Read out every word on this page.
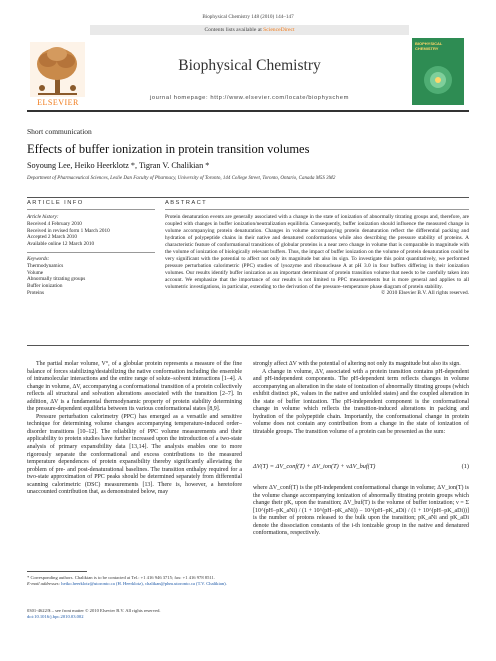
Biophysical Chemistry 148 (2010) 144–147
Contents lists available at ScienceDirect
ELSEVIER
Biophysical Chemistry
journal homepage: http://www.elsevier.com/locate/biophyschem
BIOPHYSICAL CHEMISTRY
Short communication
Effects of buffer ionization in protein transition volumes
Soyoung Lee, Heiko Heerklotz *, Tigran V. Chalikian *
Department of Pharmaceutical Sciences, Leslie Dan Faculty of Pharmacy, University of Toronto, 144 College Street, Toronto, Ontario, Canada M5S 3M2
ARTICLE INFO	ABSTRACT
Article history:
Received 4 February 2010
Received in revised form 1 March 2010
Accepted 2 March 2010
Available online 12 March 2010
Keywords:
Thermodynamics
Volume
Abnormally titrating groups
Buffer ionization
Proteins
Protein denaturation events are generally associated with a change in the state of ionization of abnormally titrating groups and, therefore, are coupled with changes in buffer ionization/neutralization equilibria. Consequently, buffer ionization should influence the measured change in volume accompanying protein denaturation. Changes in volume accompanying protein denaturation reflect the differential packing and hydration of polypeptide chains in their native and denatured conformations while also describing the pressure stability of proteins. A characteristic feature of conformational transitions of globular proteins is a near zero change in volume that is comparable in magnitude with the volume of ionization of biologically relevant buffers. Thus, the impact of buffer ionization on the volume of protein denaturation could be very significant with the potential to affect not only its magnitude but also its sign. To investigate this point quantitatively, we performed pressure perturbation calorimetric (PPC) studies of lysozyme and ribonuclease A at pH 3.0 in four buffers differing in their ionization volumes. Our results identify buffer ionization as an important determinant of protein transition volume that needs to be carefully taken into account. We emphasize that the importance of our results is not limited to PPC measurements but is more general and applies to all volumetric investigations, in particular, extending to the derivation of the pressure–temperature phase diagram of protein stability.
© 2010 Elsevier B.V. All rights reserved.

The partial molar volume, V°, of a globular protein represents a measure of the fine balance of forces stabilizing/destabilizing the native conformation including the ensemble of intramolecular interactions and the entire range of solute–solvent interactions [1–4]. A change in volume, ΔV, accompanying a conformational transition of a protein collectively reflects all structural and solvation alterations associated with the transition [2–7]. In addition, ΔV is a fundamental thermodynamic property of protein stability determining the pressure-dependent equilibria between its various conformational states [8,9].

Pressure perturbation calorimetry (PPC) has emerged as a versatile and sensitive technique for determining volume changes accompanying temperature-induced order–disorder transitions [10–12]. The reliability of PPC volume measurements and their applicability to protein studies have further increased upon the introduction of a two-state analysis of primary expansibility data [13,14]. The analysis enables one to more rigorously separate the conformational and excess contributions to the measured temperature dependences of protein expansibility thereby significantly alleviating the problem of pre- and post-denaturational baselines. The transition enthalpy required for a two-state approximation of PPC peaks should be determined separately from differential scanning calorimetric (DSC) measurements [13]. There is, however, a heretofore unaccounted contribution that, as demonstrated below, may

strongly affect ΔV with the potential of altering not only its magnitude but also its sign.

A change in volume, ΔV, associated with a protein transition contains pH-dependent and pH-independent components. The pH-dependent term reflects changes in volume accompanying an alteration in the state of ionization of abnormally titrating groups (which exhibit distinct pKₐ values in the native and unfolded states) and the coupled alteration in the state of buffer ionization. The pH-independent component is the conformational change in volume which reflects the transition-induced alterations in packing and hydration of the polypeptide chain. Importantly, the conformational change in protein volume does not contain any contribution from a change in the state of ionization of titratable groups. The transition volume of a protein can be presented as the sum:

ΔV(T) = ΔV_conf(T) + ΔV_ion(T) + νΔV_buf(T)	(1)

where ΔV_conf(T) is the pH-independent conformational change in volume; ΔV_ion(T) is the volume change accompanying ionization of abnormally titrating protein groups which change their pKₐ upon the transition; ΔV_buf(T) is the volume of buffer ionization; ν = Σ [10^(pH−pK_aNi) / (1 + 10^(pH−pK_aNi)) − 10^(pH−pK_aDi) / (1 + 10^(pH−pK_aDi))] is the number of protons released to the bulk upon the transition; pK_aNi and pK_aDi denote the dissociation constants of the i-th ionizable group in the native and denatured conformations, respectively.

* Corresponding authors. Chalikian is to be contacted at Tel.: +1 416 946 3715; fax: +1 416 978 8511.
E-mail addresses: heiko.heerklotz@utoronto.ca (H. Heerklotz), chalikan@phm.utoronto.ca (T.V. Chalikian).
0301-4622/$ – see front matter © 2010 Elsevier B.V. All rights reserved.
doi:10.1016/j.bpc.2010.03.002
